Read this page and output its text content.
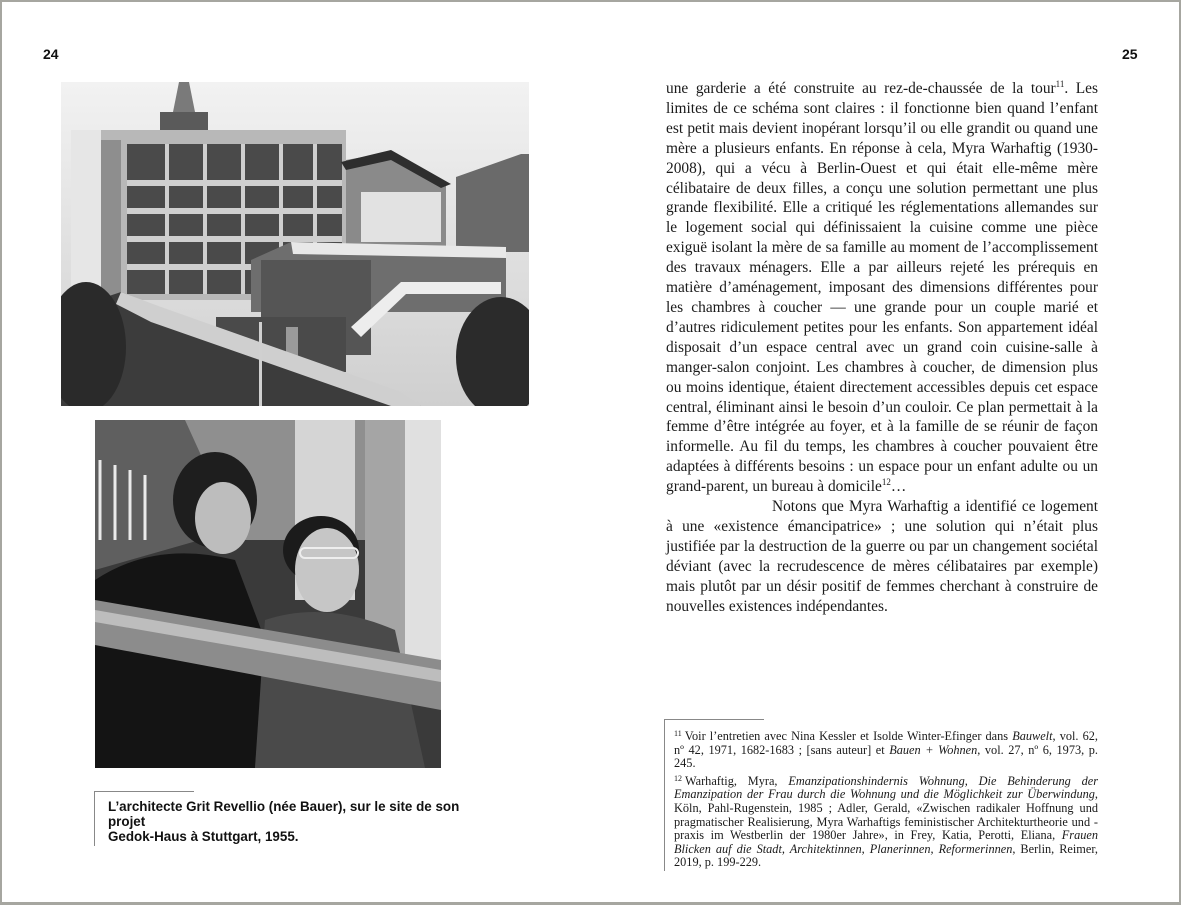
24	25
L’architecte Grit Revellio (née Bauer), sur le site de son projet
Gedok-Haus à Stuttgart, 1955.

une garderie a été construite au rez-de-chaussée de la tour$^{11}$. Les limites de ce schéma sont claires : il fonctionne bien quand l’enfant est petit mais devient inopérant lorsqu’il ou elle grandit ou quand une mère a plusieurs enfants. En réponse à cela, Myra Warhaftig (1930-2008), qui a vécu à Berlin-Ouest et qui était elle-même mère célibataire de deux filles, a conçu une solution permettant une plus grande flexibilité. Elle a critiqué les réglementations allemandes sur le logement social qui définissaient la cuisine comme une pièce exiguë isolant la mère de sa famille au moment de l’accomplissement des travaux ménagers. Elle a par ailleurs rejeté les prérequis en matière d’aménagement, imposant des dimensions différentes pour les chambres à coucher — une grande pour un couple marié et d’autres ridiculement petites pour les enfants. Son appartement idéal disposait d’un espace central avec un grand coin cuisine-salle à manger-salon conjoint. Les chambres à coucher, de dimension plus ou moins identique, étaient directement accessibles depuis cet espace central, éliminant ainsi le besoin d’un couloir. Ce plan permettait à la femme d’être intégrée au foyer, et à la famille de se réunir de façon informelle. Au fil du temps, les chambres à coucher pouvaient être adaptées à différents besoins : un espace pour un enfant adulte ou un grand-parent, un bureau à domicile$^{12}$…

Notons que Myra Warhaftig a identifié ce logement à une «existence émancipatrice» ; une solution qui n’était plus justifiée par la destruction de la guerre ou par un changement sociétal déviant (avec la recrudescence de mères célibataires par exemple) mais plutôt par un désir positif de femmes cherchant à construire de nouvelles existences indépendantes.

$^{11}$ Voir l’entretien avec Nina Kessler et Isolde Winter-Efinger dans Bauwelt, vol. 62, nº 42, 1971, 1682-1683 ; [sans auteur] et Bauen + Wohnen, vol. 27, nº 6, 1973, p. 245.

$^{12}$ Warhaftig, Myra, Emanzipationshindernis Wohnung, Die Behinderung der Emanzipation der Frau durch die Wohnung und die Möglichkeit zur Überwindung, Köln, Pahl-Rugenstein, 1985 ; Adler, Gerald, «Zwischen radikaler Hoffnung und pragmatischer Realisierung, Myra Warhaftigs feministischer Architekturtheorie und -praxis im Westberlin der 1980er Jahre», in Frey, Katia, Perotti, Eliana, Frauen Blicken auf die Stadt, Architektinnen, Planerinnen, Reformerinnen, Berlin, Reimer, 2019, p. 199-229.
